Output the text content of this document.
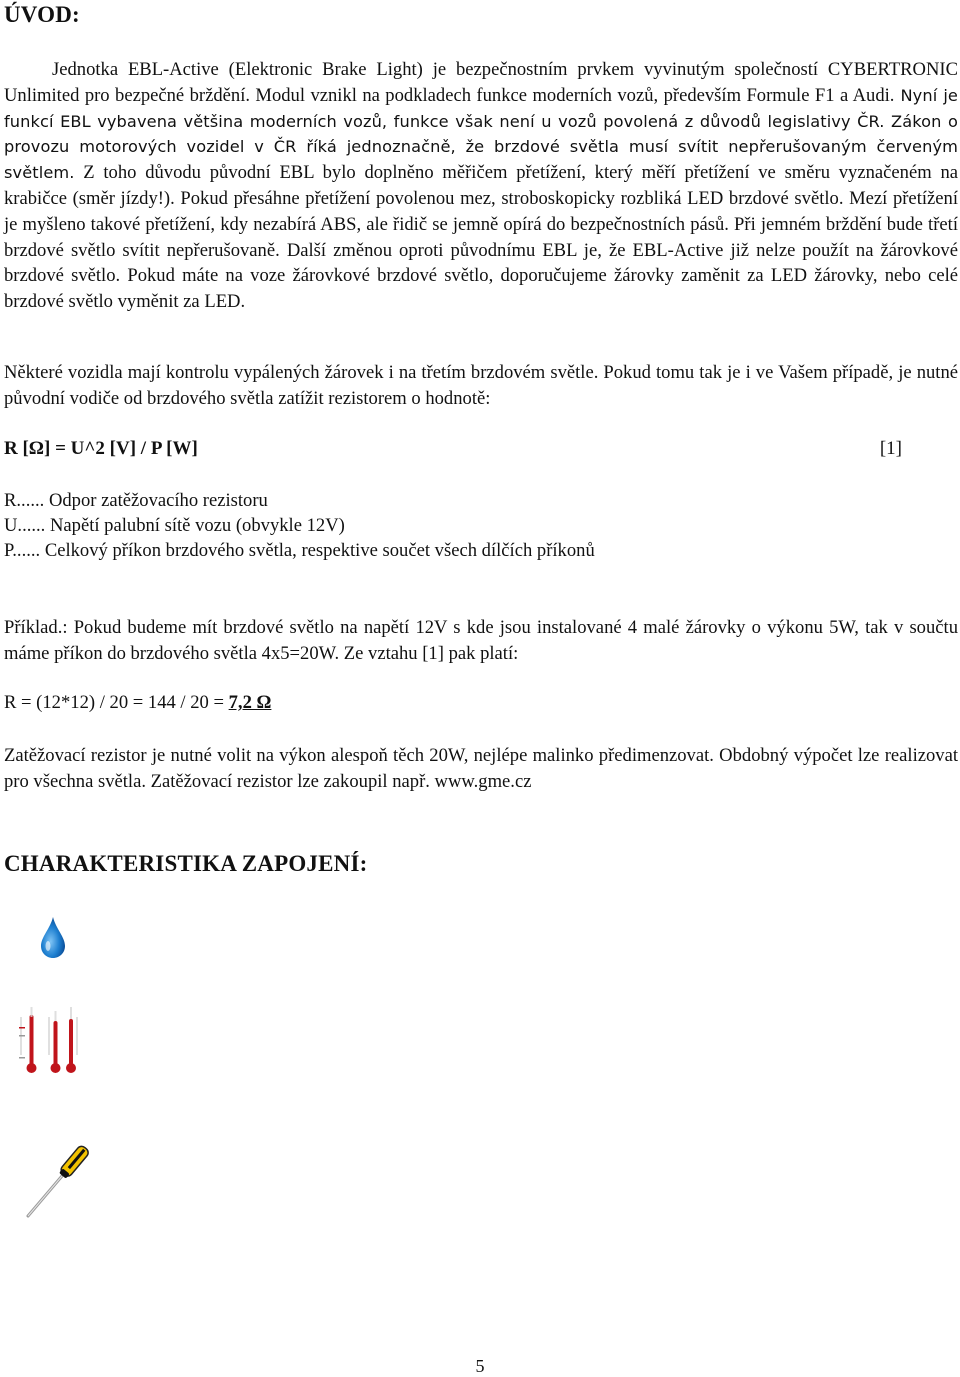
ÚVOD:
Jednotka EBL-Active (Elektronic Brake Light) je bezpečnostním prvkem vyvinutým společností CYBERTRONIC Unlimited pro bezpečné brždění. Modul vznikl na podkladech funkce moderních vozů, především Formule F1 a Audi. Nyní je funkcí EBL vybavena většina moderních vozů, funkce však není u vozů povolená z důvodů legislativy ČR. Zákon o provozu motorových vozidel v ČR říká jednoznačně, že brzdové světla musí svítit nepřerušovaným červeným světlem. Z toho důvodu původní EBL bylo doplněno měřičem přetížení, který měří přetížení ve směru vyznačeném na krabičce (směr jízdy!). Pokud přesáhne přetížení povolenou mez, stroboskopicky rozbliká LED brzdové světlo. Mezí přetížení je myšleno takové přetížení, kdy nezabírá ABS, ale řidič se jemně opírá do bezpečnostních pásů. Při jemném brždění bude třetí brzdové světlo svítit nepřerušovaně. Další změnou oproti původnímu EBL je, že EBL-Active již nelze použít na žárovkové brzdové světlo. Pokud máte na voze žárovkové brzdové světlo, doporučujeme žárovky zaměnit za LED žárovky, nebo celé brzdové světlo vyměnit za LED.
Některé vozidla mají kontrolu vypálených žárovek i na třetím brzdovém světle. Pokud tomu tak je i ve Vašem případě, je nutné původní vodiče od brzdového světla zatížit rezistorem o hodnotě:
R [Ω] = U^2 [V] / P [W]	[1]
R...... Odpor zatěžovacího rezistoru
U...... Napětí palubní sítě vozu (obvykle 12V)
P...... Celkový příkon brzdového světla, respektive součet všech dílčích příkonů
Příklad.: Pokud budeme mít brzdové světlo na napětí 12V s kde jsou instalované 4 malé žárovky o výkonu 5W, tak v součtu máme příkon do brzdového světla 4x5=20W. Ze vztahu [1] pak platí:
R = (12*12) / 20 = 144 / 20 = 7,2 Ω
Zatěžovací rezistor je nutné volit na výkon alespoň těch 20W, nejlépe malinko předimenzovat. Obdobný výpočet lze realizovat pro všechna světla. Zatěžovací rezistor lze zakoupil např. www.gme.cz
CHARAKTERISTIKA ZAPOJENÍ:
5
